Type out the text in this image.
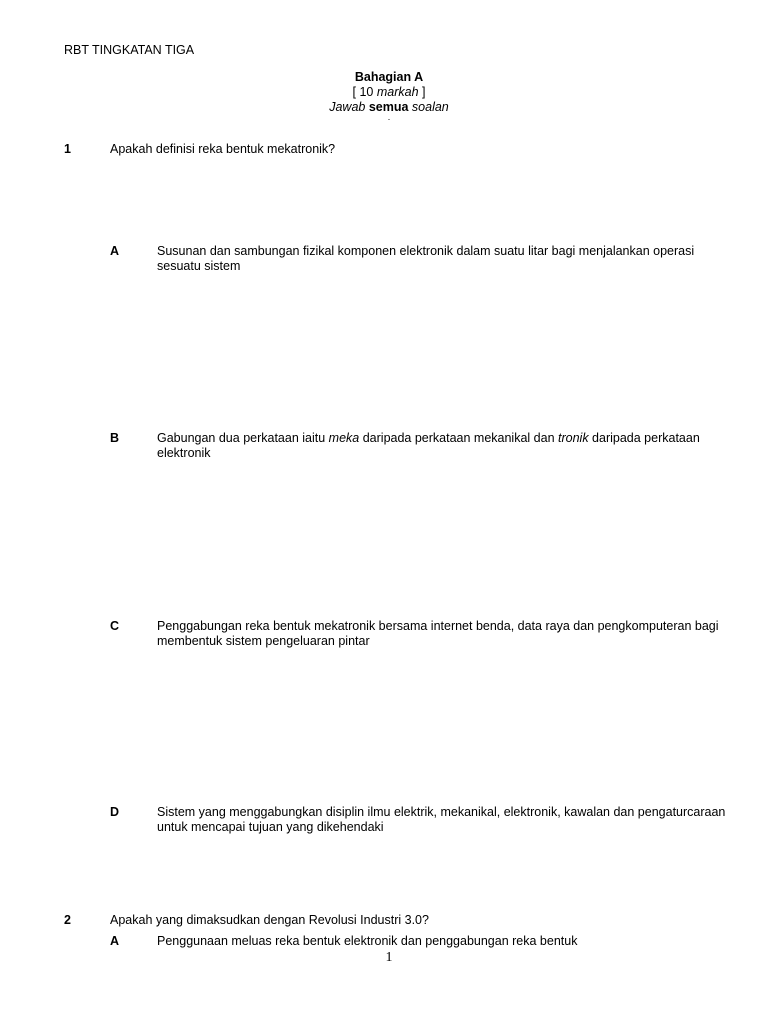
RBT TINGKATAN TIGA
Bahagian A
[ 10 markah ]
Jawab semua soalan
.
1	Apakah definisi reka bentuk mekatronik?
A	Susunan dan sambungan fizikal komponen elektronik dalam suatu litar bagi menjalankan operasi sesuatu sistem
B	Gabungan dua perkataan iaitu meka daripada perkataan mekanikal dan tronik daripada perkataan elektronik
C	Penggabungan reka bentuk mekatronik bersama internet benda, data raya dan pengkomputeran bagi membentuk sistem pengeluaran pintar
D	Sistem yang menggabungkan disiplin ilmu elektrik, mekanikal, elektronik, kawalan dan pengaturcaraan untuk mencapai tujuan yang dikehendaki
2	Apakah yang dimaksudkan dengan Revolusi Industri 3.0?
A	Penggunaan meluas reka bentuk elektronik dan penggabungan reka bentuk
1
